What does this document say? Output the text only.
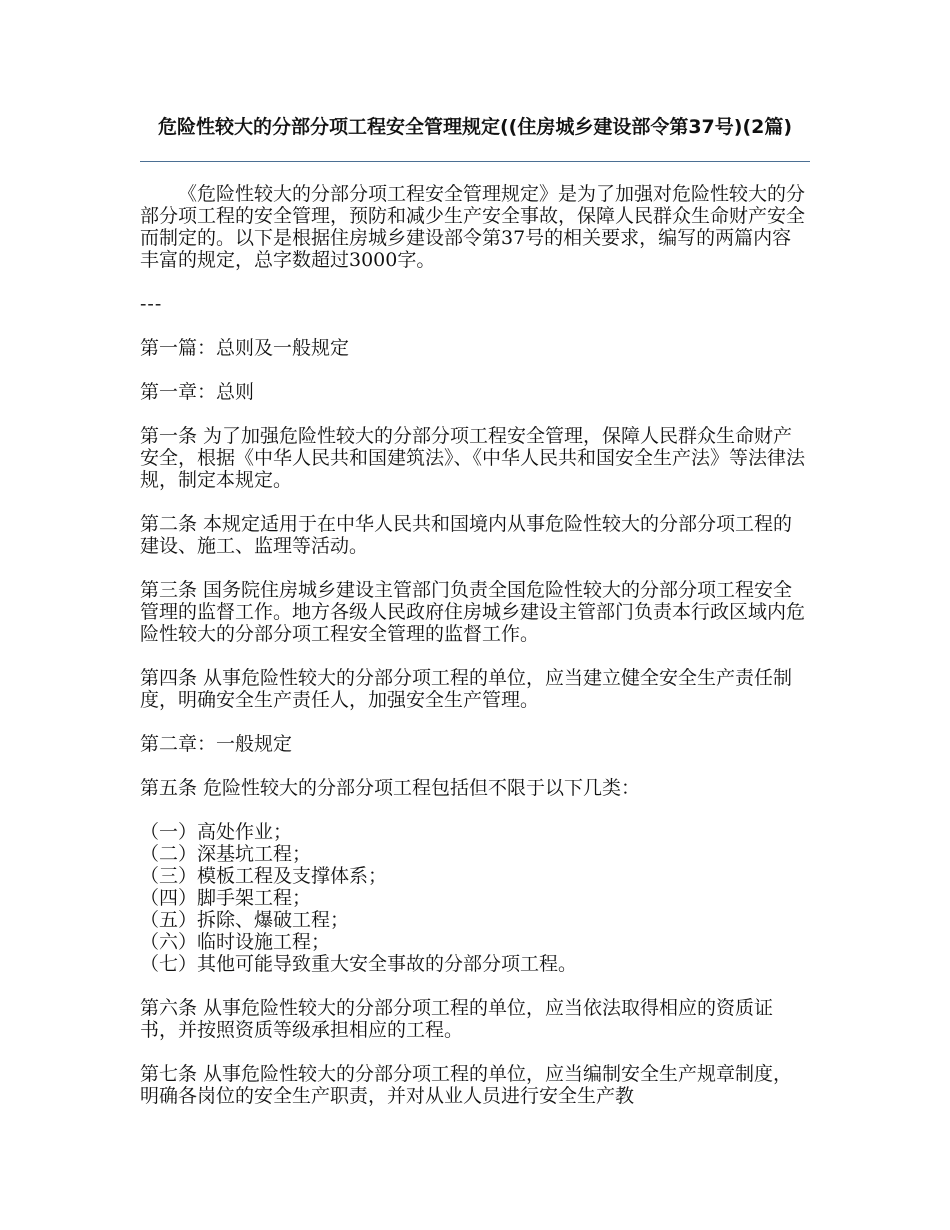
危险性较大的分部分项工程安全管理规定((住房城乡建设部令第37号)(2篇)

《危险性较大的分部分项工程安全管理规定》是为了加强对危险性较大的分部分项工程的安全管理，预防和减少生产安全事故，保障人民群众生命财产安全而制定的。以下是根据住房城乡建设部令第37号的相关要求，编写的两篇内容丰富的规定，总字数超过3000字。

---

第一篇：总则及一般规定

第一章：总则

第一条 为了加强危险性较大的分部分项工程安全管理，保障人民群众生命财产安全，根据《中华人民共和国建筑法》、《中华人民共和国安全生产法》等法律法规，制定本规定。

第二条 本规定适用于在中华人民共和国境内从事危险性较大的分部分项工程的建设、施工、监理等活动。

第三条 国务院住房城乡建设主管部门负责全国危险性较大的分部分项工程安全管理的监督工作。地方各级人民政府住房城乡建设主管部门负责本行政区域内危险性较大的分部分项工程安全管理的监督工作。

第四条 从事危险性较大的分部分项工程的单位，应当建立健全安全生产责任制度，明确安全生产责任人，加强安全生产管理。

第二章：一般规定

第五条 危险性较大的分部分项工程包括但不限于以下几类：

（一）高处作业；
（二）深基坑工程；
（三）模板工程及支撑体系；
（四）脚手架工程；
（五）拆除、爆破工程；
（六）临时设施工程；
（七）其他可能导致重大安全事故的分部分项工程。

第六条 从事危险性较大的分部分项工程的单位，应当依法取得相应的资质证书，并按照资质等级承担相应的工程。

第七条 从事危险性较大的分部分项工程的单位，应当编制安全生产规章制度，明确各岗位的安全生产职责，并对从业人员进行安全生产教
